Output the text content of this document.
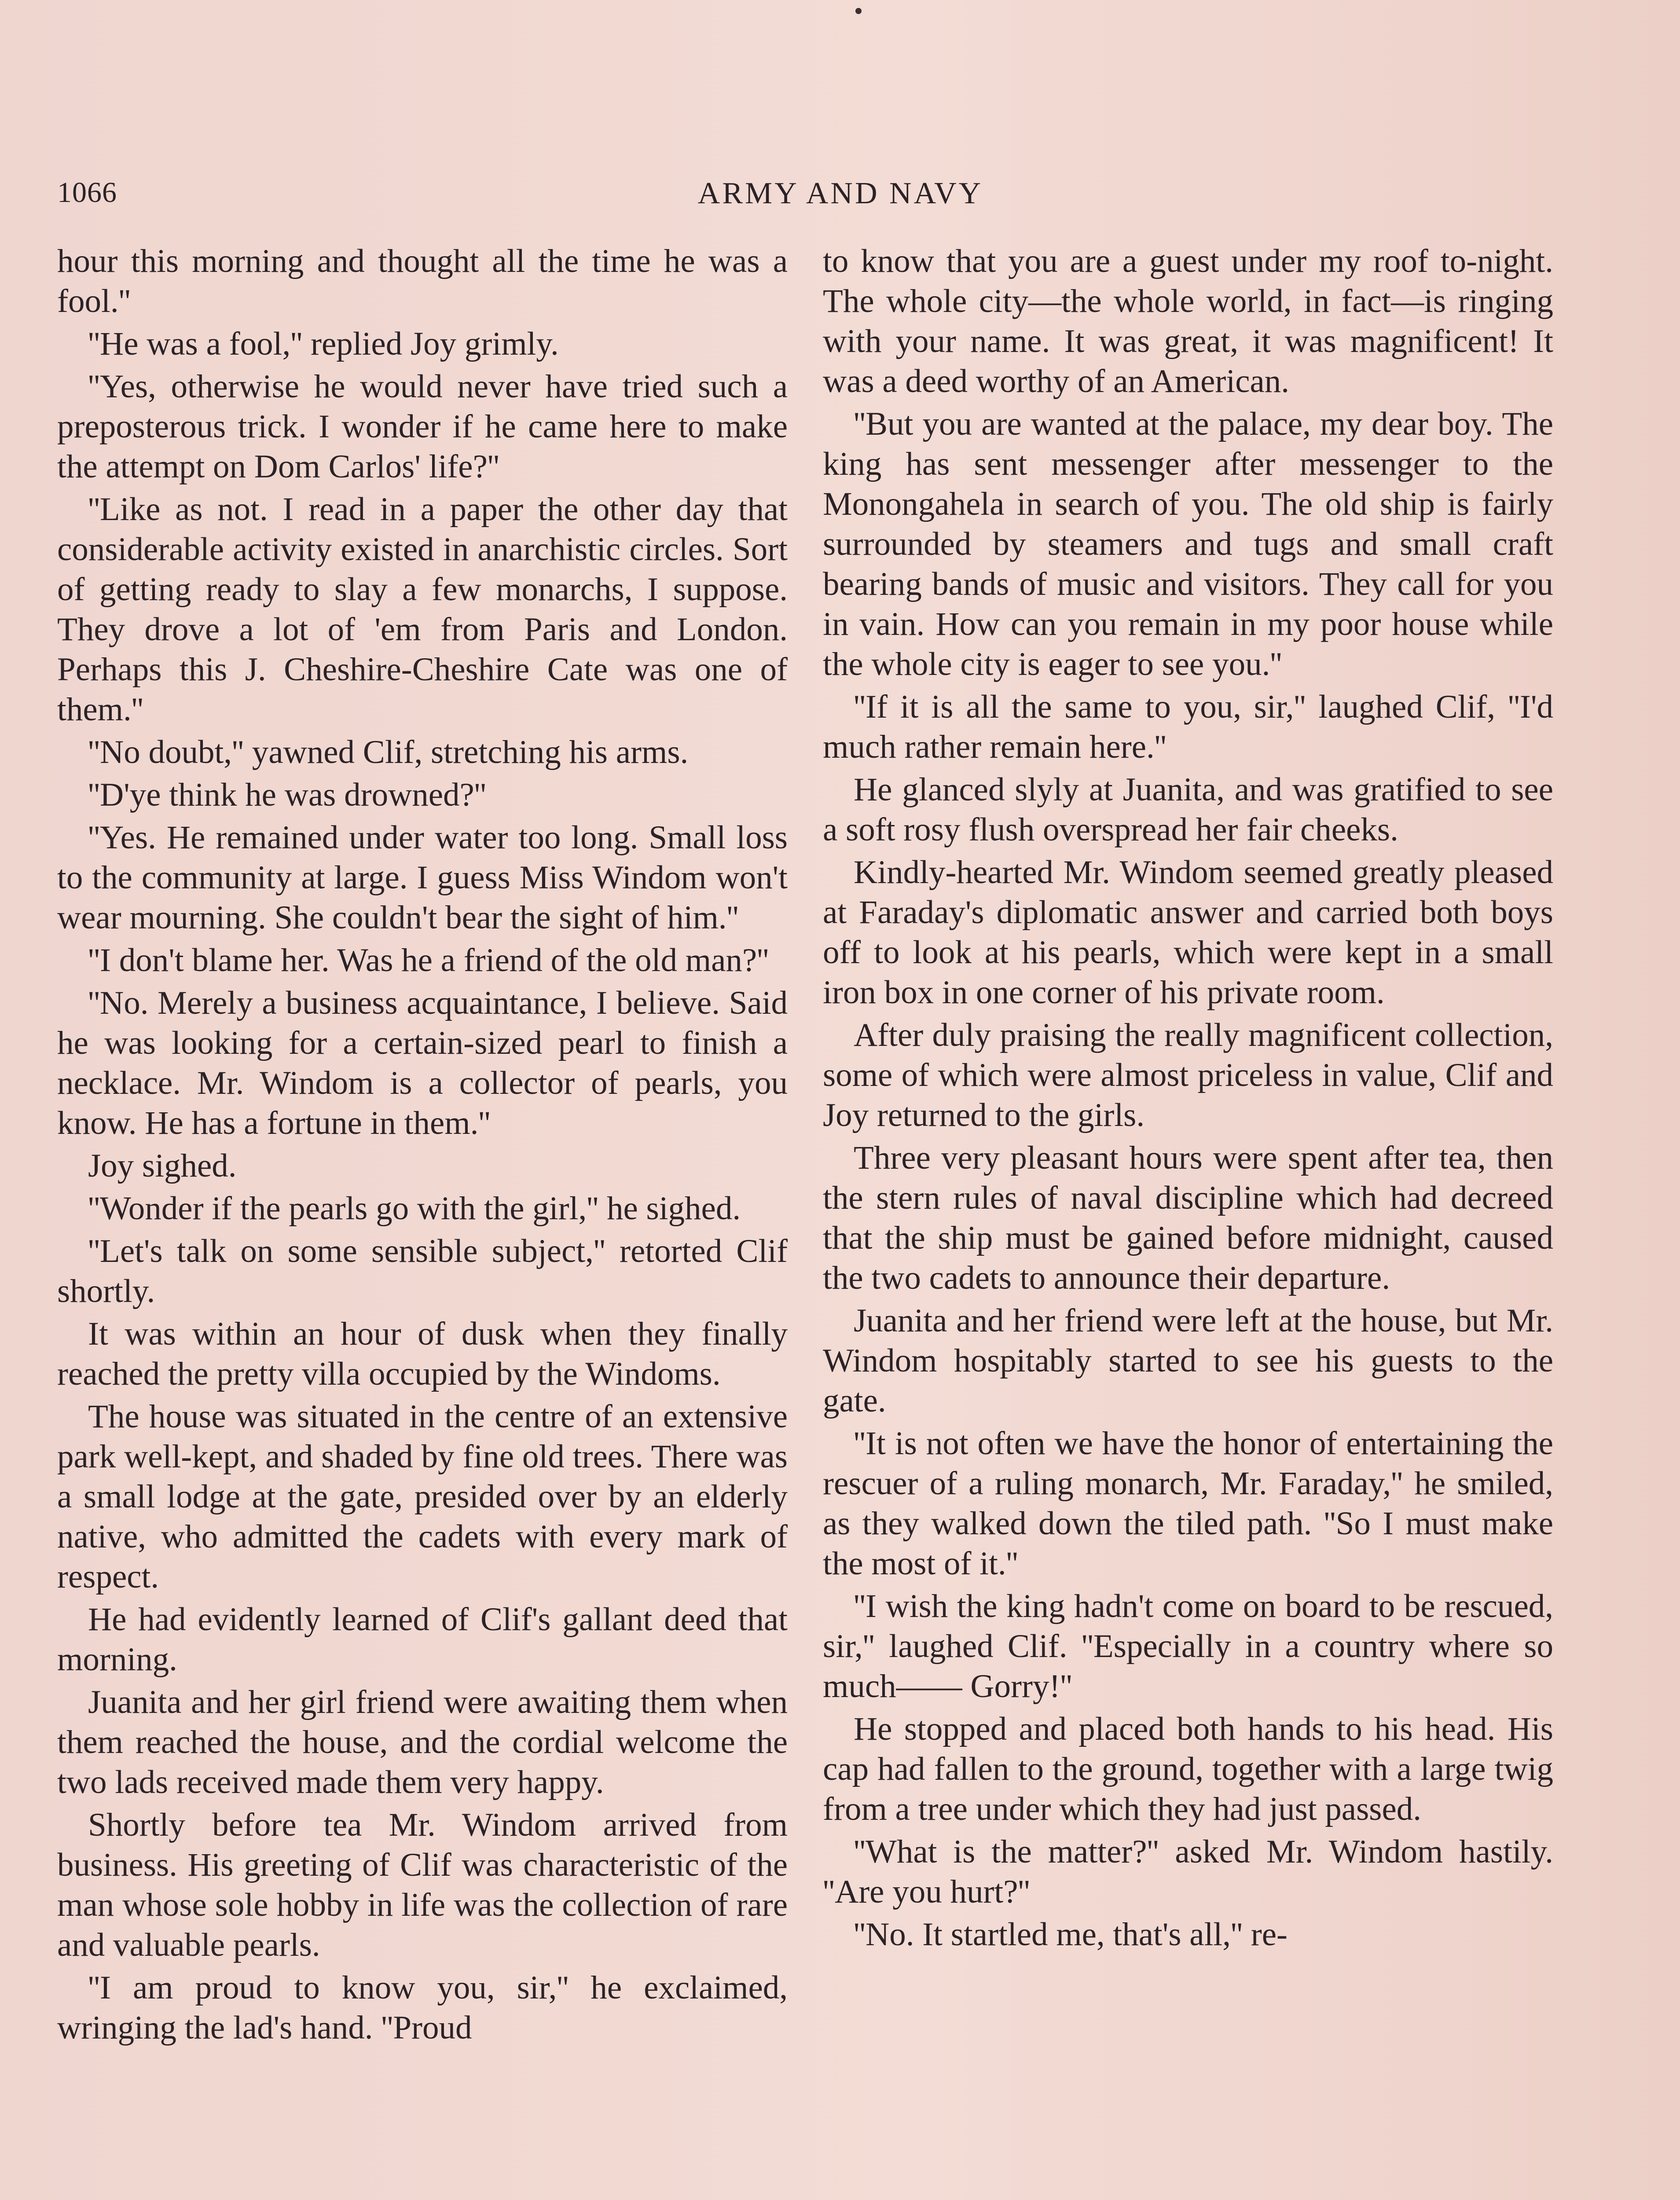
1066	ARMY AND NAVY

hour this morning and thought all the time he was a fool.''

''He was a fool,'' replied Joy grimly.

''Yes, otherwise he would never have tried such a preposterous trick. I wonder if he came here to make the attempt on Dom Carlos' life?''

''Like as not. I read in a paper the other day that considerable activity existed in anarchistic circles. Sort of getting ready to slay a few monarchs, I suppose. They drove a lot of 'em from Paris and London. Perhaps this J. Cheshire-Cheshire Cate was one of them.''

''No doubt,'' yawned Clif, stretching his arms.

''D'ye think he was drowned?''

''Yes. He remained under water too long. Small loss to the community at large. I guess Miss Windom won't wear mourning. She couldn't bear the sight of him.''

''I don't blame her. Was he a friend of the old man?''

''No. Merely a business acquaintance, I believe. Said he was looking for a certain-sized pearl to finish a necklace. Mr. Windom is a collector of pearls, you know. He has a fortune in them.''

Joy sighed.

''Wonder if the pearls go with the girl,'' he sighed.

''Let's talk on some sensible subject,'' retorted Clif shortly.

It was within an hour of dusk when they finally reached the pretty villa occupied by the Windoms.

The house was situated in the centre of an extensive park well-kept, and shaded by fine old trees. There was a small lodge at the gate, presided over by an elderly native, who admitted the cadets with every mark of respect.

He had evidently learned of Clif's gallant deed that morning.

Juanita and her girl friend were awaiting them when them reached the house, and the cordial welcome the two lads received made them very happy.

Shortly before tea Mr. Windom arrived from business. His greeting of Clif was characteristic of the man whose sole hobby in life was the collection of rare and valuable pearls.

''I am proud to know you, sir,'' he exclaimed, wringing the lad's hand. ''Proud

to know that you are a guest under my roof to-night. The whole city—the whole world, in fact—is ringing with your name. It was great, it was magnificent! It was a deed worthy of an American.

''But you are wanted at the palace, my dear boy. The king has sent messenger after messenger to the Monongahela in search of you. The old ship is fairly surrounded by steamers and tugs and small craft bearing bands of music and visitors. They call for you in vain. How can you remain in my poor house while the whole city is eager to see you.''

''If it is all the same to you, sir,'' laughed Clif, ''I'd much rather remain here.''

He glanced slyly at Juanita, and was gratified to see a soft rosy flush overspread her fair cheeks.

Kindly-hearted Mr. Windom seemed greatly pleased at Faraday's diplomatic answer and carried both boys off to look at his pearls, which were kept in a small iron box in one corner of his private room.

After duly praising the really magnificent collection, some of which were almost priceless in value, Clif and Joy returned to the girls.

Three very pleasant hours were spent after tea, then the stern rules of naval discipline which had decreed that the ship must be gained before midnight, caused the two cadets to announce their departure.

Juanita and her friend were left at the house, but Mr. Windom hospitably started to see his guests to the gate.

''It is not often we have the honor of entertaining the rescuer of a ruling monarch, Mr. Faraday,'' he smiled, as they walked down the tiled path. ''So I must make the most of it.''

''I wish the king hadn't come on board to be rescued, sir,'' laughed Clif. ''Especially in a country where so much—— Gorry!''

He stopped and placed both hands to his head. His cap had fallen to the ground, together with a large twig from a tree under which they had just passed.

''What is the matter?'' asked Mr. Windom hastily. ''Are you hurt?''

''No. It startled me, that's all,'' re-
